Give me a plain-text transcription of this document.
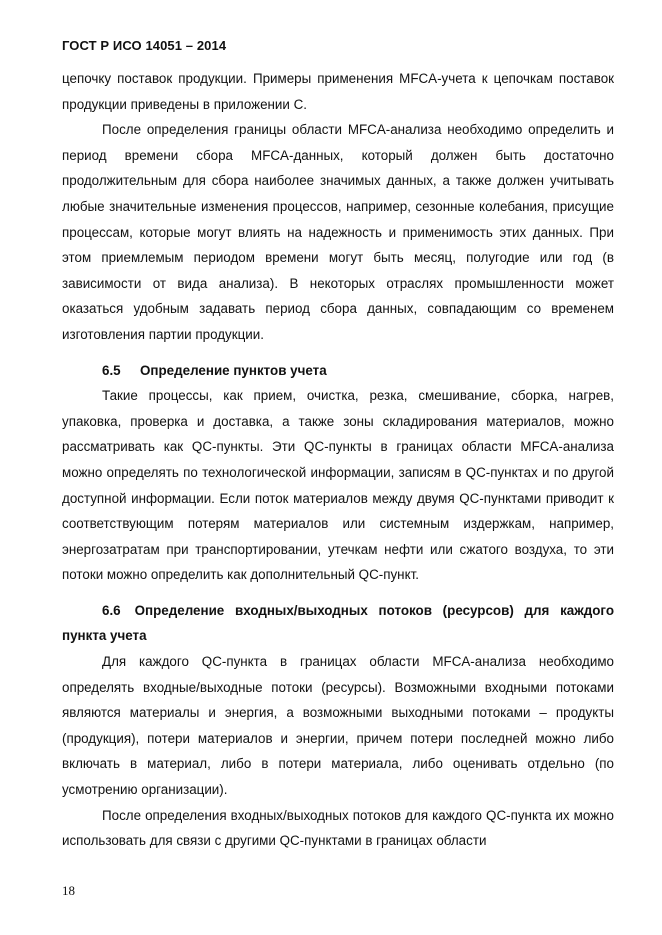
ГОСТ Р ИСО 14051 – 2014

цепочку поставок продукции. Примеры применения MFCA-учета к цепочкам поставок продукции приведены в приложении С.

После определения границы области MFCA-анализа необходимо определить и период времени сбора MFCA-данных, который должен быть достаточно продолжительным для сбора наиболее значимых данных, а также должен учитывать любые значительные изменения процессов, например, сезонные колебания, присущие процессам, которые могут влиять на надежность и применимость этих данных. При этом приемлемым периодом времени могут быть месяц, полугодие или год (в зависимости от вида анализа). В некоторых отраслях промышленности может оказаться удобным задавать период сбора данных, совпадающим со временем изготовления партии продукции.

6.5 Определение пунктов учета

Такие процессы, как прием, очистка, резка, смешивание, сборка, нагрев, упаковка, проверка и доставка, а также зоны складирования материалов, можно рассматривать как QC-пункты. Эти QC-пункты в границах области MFCA-анализа можно определять по технологической информации, записям в QC-пунктах и по другой доступной информации. Если поток материалов между двумя QC-пунктами приводит к соответствующим потерям материалов или системным издержкам, например, энергозатратам при транспортировании, утечкам нефти или сжатого воздуха, то эти потоки можно определить как дополнительный QC-пункт.

6.6 Определение входных/выходных потоков (ресурсов) для каждого пункта учета

Для каждого QC-пункта в границах области MFCA-анализа необходимо определять входные/выходные потоки (ресурсы). Возможными входными потоками являются материалы и энергия, а возможными выходными потоками – продукты (продукция), потери материалов и энергии, причем потери последней можно либо включать в материал, либо в потери материала, либо оценивать отдельно (по усмотрению организации).

После определения входных/выходных потоков для каждого QC-пункта их можно использовать для связи с другими QC-пунктами в границах области

18
